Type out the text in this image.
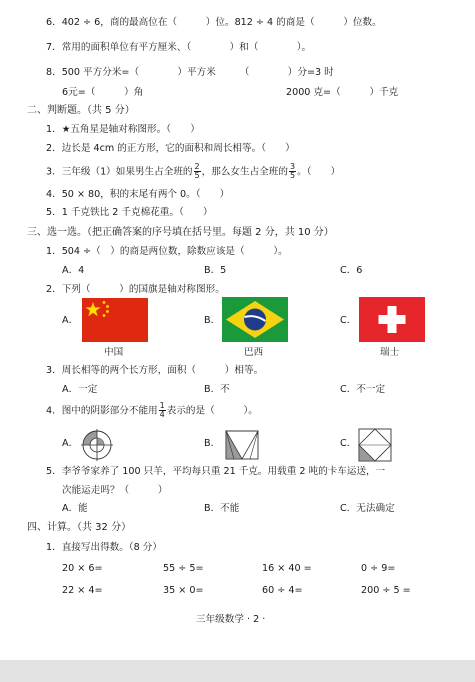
6．402 ÷ 6，商的最高位在（　　　）位。812 ÷ 4 的商是（　　　）位数。
7．常用的面积单位有平方厘米、（　　　　）和（　　　　）。
8．500 平方分米=（　　　　）平方米　　　（　　　　）分=3 时
6元=（　　　）角	2000 克=（　　　）千克
二、判断题。（共 5 分）
1．★五角星是轴对称图形。（　　）
2．边长是 4cm 的正方形，它的面积和周长相等。（　　）
3．三年级（1）如果男生占全班的 $\frac{2}{5}$ ，那么女生占全班的 $\frac{3}{5}$ 。（　　）
4．50 × 80，积的末尾有两个 0。（　　）
5．1 千克铁比 2 千克棉花重。（　　）
三、选一选。（把正确答案的序号填在括号里。每题 2 分，共 10 分）
1．504 ÷（　）的商是两位数，除数应该是（　　　）。
A．4	B．5	C．6
2．下列（　　　）的国旗是轴对称图形。
A．	B．	C．
中国	巴西	瑞士
3．周长相等的两个长方形，面积（　　　）相等。
A．一定	B．不	C．不一定
4．图中的阴影部分不能用 $\frac{1}{4}$ 表示的是（　　　）。
A．	B．	C．
5．李爷爷家养了 100 只羊，平均每只重 21 千克。用载重 2 吨的卡车运送，一
次能运走吗？（　　　）
A．能	B．不能	C．无法确定
四、计算。（共 32 分）
1．直接写出得数。（8 分）
20 × 6=	55 ÷ 5=	16 × 40 =	0 ÷ 9=
22 × 4=	35 × 0=	60 ÷ 4=	200 ÷ 5 =
三年级数学 · 2 ·
